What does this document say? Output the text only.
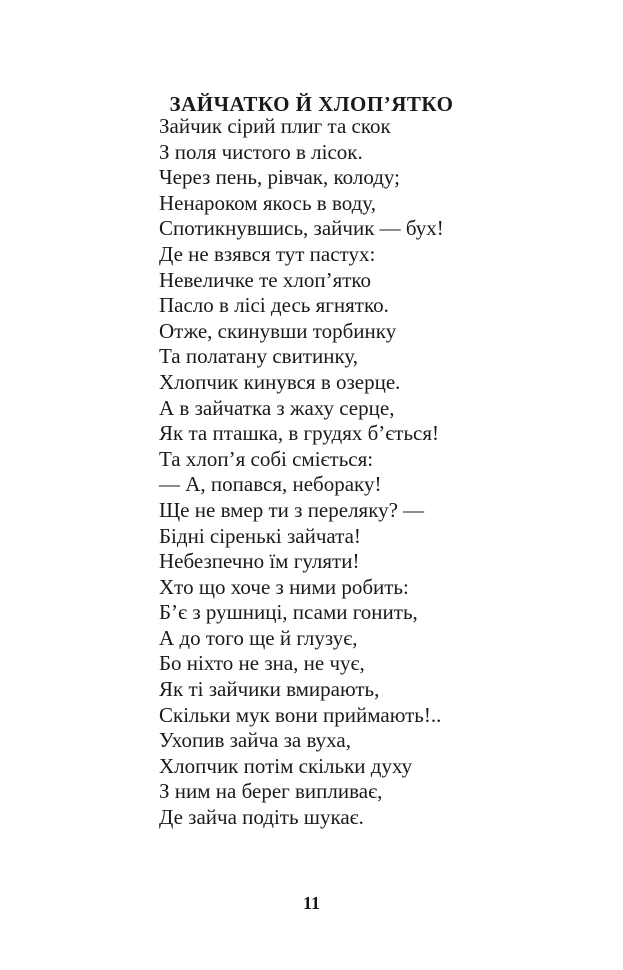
ЗАЙЧАТКО Й ХЛОП’ЯТКО
Зайчик сірий плиг та скок
З поля чистого в лісок.
Через пень, рівчак, колоду;
Ненароком якось в воду,
Спотикнувшись, зайчик — бух!
Де не взявся тут пастух:
Невеличке те хлоп’ятко
Пасло в лісі десь ягнятко.
Отже, скинувши торбинку
Та полатану свитинку,
Хлопчик кинувся в озерце.
А в зайчатка з жаху серце,
Як та пташка, в грудях б’ється!
Та хлоп’я собі сміється:
— А, попався, небораку!
Ще не вмер ти з переляку? —
Бідні сіренькі зайчата!
Небезпечно їм гуляти!
Хто що хоче з ними робить:
Б’є з рушниці, псами гонить,
А до того ще й глузує,
Бо ніхто не зна, не чує,
Як ті зайчики вмирають,
Скільки мук вони приймають!..
Ухопив зайча за вуха,
Хлопчик потім скільки духу
З ним на берег випливає,
Де зайча подіть шукає.
11
